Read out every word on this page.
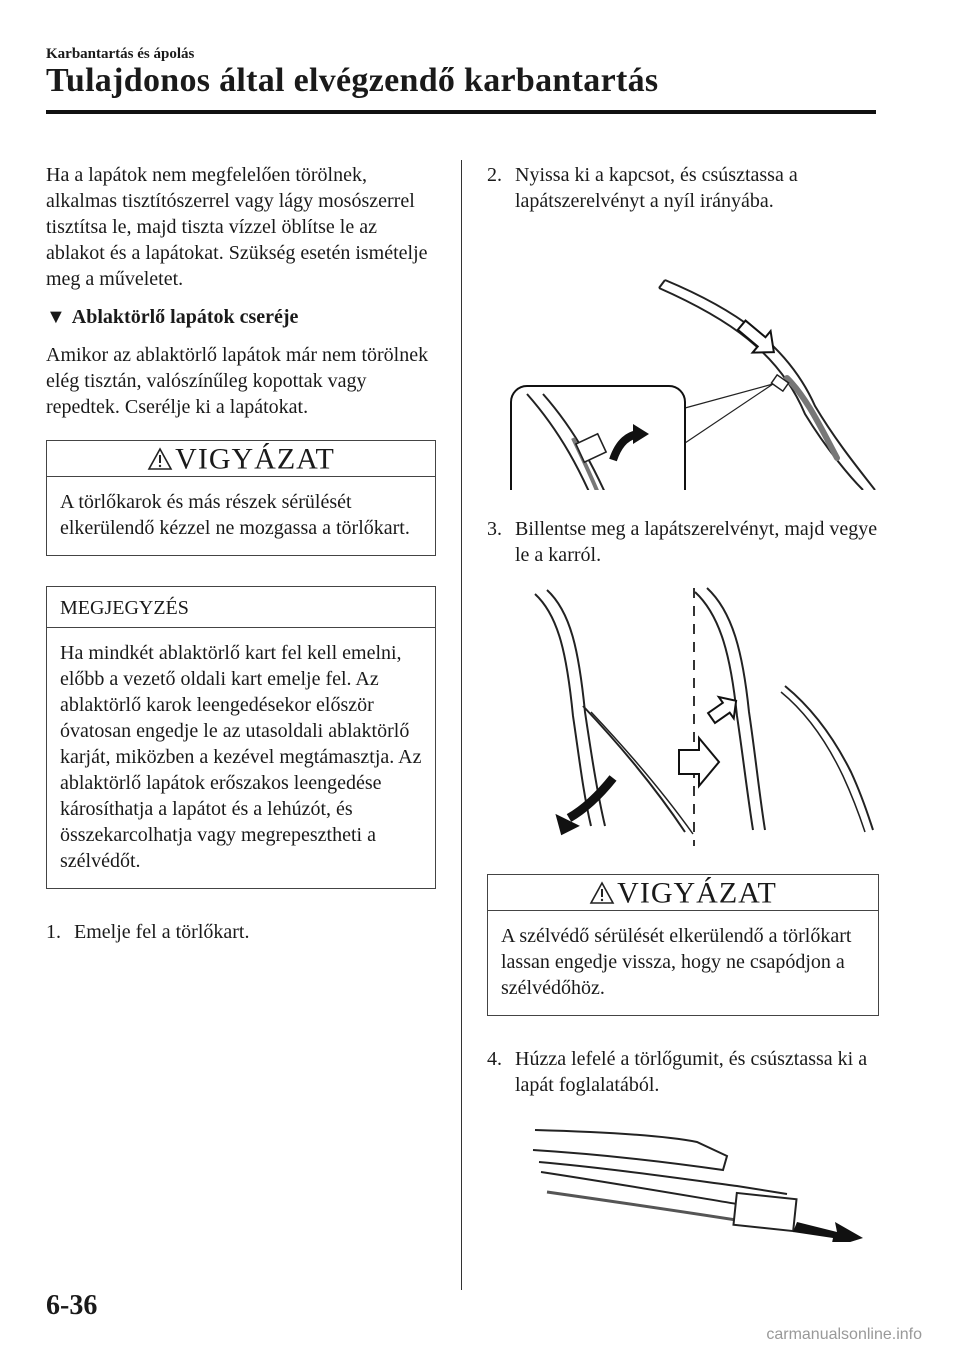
Karbantartás és ápolás
Tulajdonos által elvégzendő karbantartás

Ha a lapátok nem megfelelően törölnek, alkalmas tisztítószerrel vagy lágy mosószerrel tisztítsa le, majd tiszta vízzel öblítse le az ablakot és a lapátokat. Szükség esetén ismételje meg a műveletet.

▼ Ablaktörlő lapátok cseréje

Amikor az ablaktörlő lapátok már nem törölnek elég tisztán, valószínűleg kopottak vagy repedtek. Cserélje ki a lapátokat.

VIGYÁZAT
A törlőkarok és más részek sérülését elkerülendő kézzel ne mozgassa a törlőkart.
MEGJEGYZÉS
Ha mindkét ablaktörlő kart fel kell emelni, előbb a vezető oldali kart emelje fel. Az ablaktörlő karok leengedésekor először óvatosan engedje le az utasoldali ablaktörlő karját, miközben a kezével megtámasztja. Az ablaktörlő lapátok erőszakos leengedése károsíthatja a lapátot és a lehúzót, és összekarcolhatja vagy megrepesztheti a szélvédőt.

1. Emelje fel a törlőkart.

2. Nyissa ki a kapcsot, és csúsztassa a lapátszerelvényt a nyíl irányába.

3. Billentse meg a lapátszerelvényt, majd vegye le a karról.

VIGYÁZAT
A szélvédő sérülését elkerülendő a törlőkart lassan engedje vissza, hogy ne csapódjon a szélvédőhöz.

4. Húzza lefelé a törlőgumit, és csúsztassa ki a lapát foglalatából.

6-36
carmanualsonline.info
